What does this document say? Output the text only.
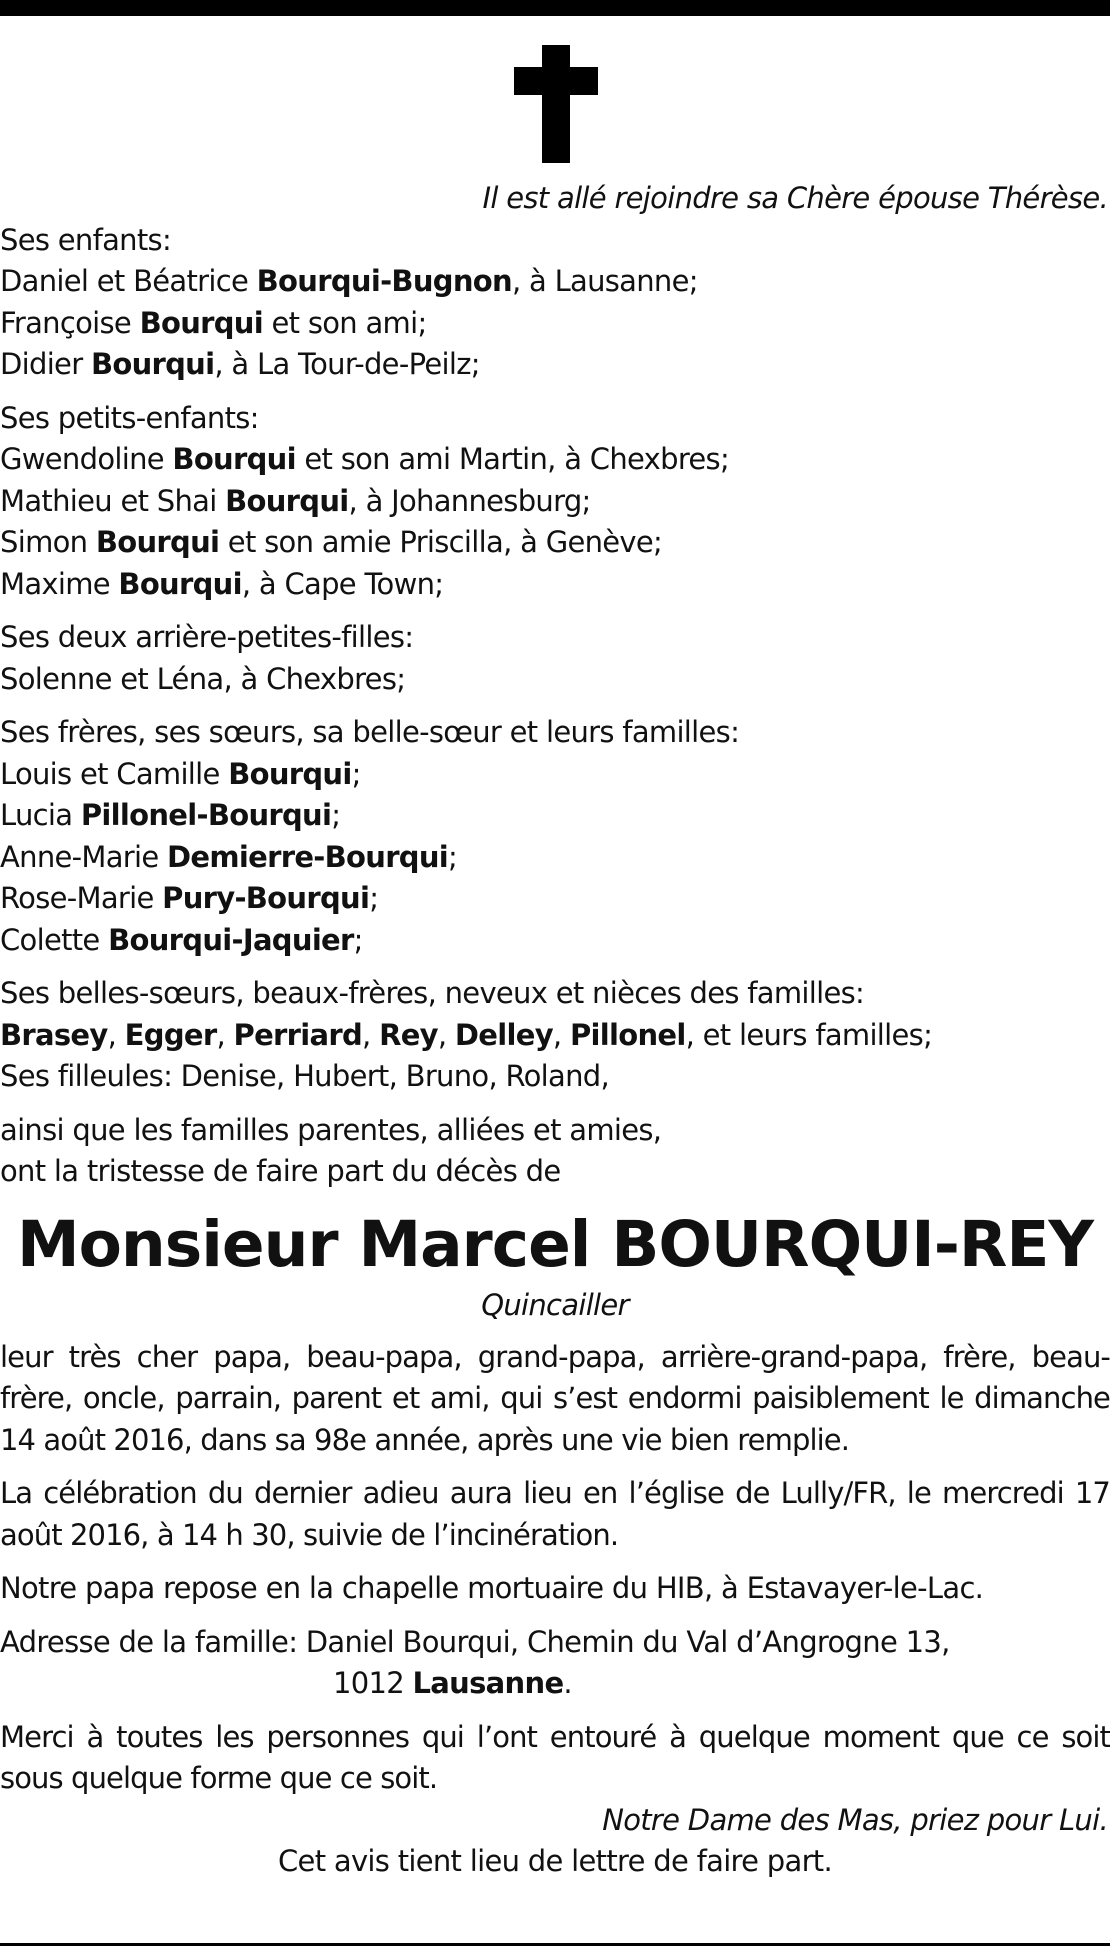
Il est allé rejoindre sa Chère épouse Thérèse.
Ses enfants:
Daniel et Béatrice Bourqui-Bugnon, à Lausanne;
Françoise Bourqui et son ami;
Didier Bourqui, à La Tour-de-Peilz;
Ses petits-enfants:
Gwendoline Bourqui et son ami Martin, à Chexbres;
Mathieu et Shai Bourqui, à Johannesburg;
Simon Bourqui et son amie Priscilla, à Genève;
Maxime Bourqui, à Cape Town;
Ses deux arrière-petites-filles:
Solenne et Léna, à Chexbres;
Ses frères, ses sœurs, sa belle-sœur et leurs familles:
Louis et Camille Bourqui;
Lucia Pillonel-Bourqui;
Anne-Marie Demierre-Bourqui;
Rose-Marie Pury-Bourqui;
Colette Bourqui-Jaquier;
Ses belles-sœurs, beaux-frères, neveux et nièces des familles:
Brasey, Egger, Perriard, Rey, Delley, Pillonel, et leurs familles;
Ses filleules: Denise, Hubert, Bruno, Roland,
ainsi que les familles parentes, alliées et amies,
ont la tristesse de faire part du décès de
Monsieur Marcel BOURQUI-REY
Quincailler
leur très cher papa, beau-papa, grand-papa, arrière-grand-papa, frère, beau-frère, oncle, parrain, parent et ami, qui s’est endormi paisiblement le dimanche 14 août 2016, dans sa 98e année, après une vie bien remplie.
La célébration du dernier adieu aura lieu en l’église de Lully/FR, le mercredi 17 août 2016, à 14 h 30, suivie de l’incinération.
Notre papa repose en la chapelle mortuaire du HIB, à Estavayer-le-Lac.
Adresse de la famille: Daniel Bourqui, Chemin du Val d’Angrogne 13,
1012 Lausanne.
Merci à toutes les personnes qui l’ont entouré à quelque moment que ce soit sous quelque forme que ce soit.
Notre Dame des Mas, priez pour Lui.
Cet avis tient lieu de lettre de faire part.
